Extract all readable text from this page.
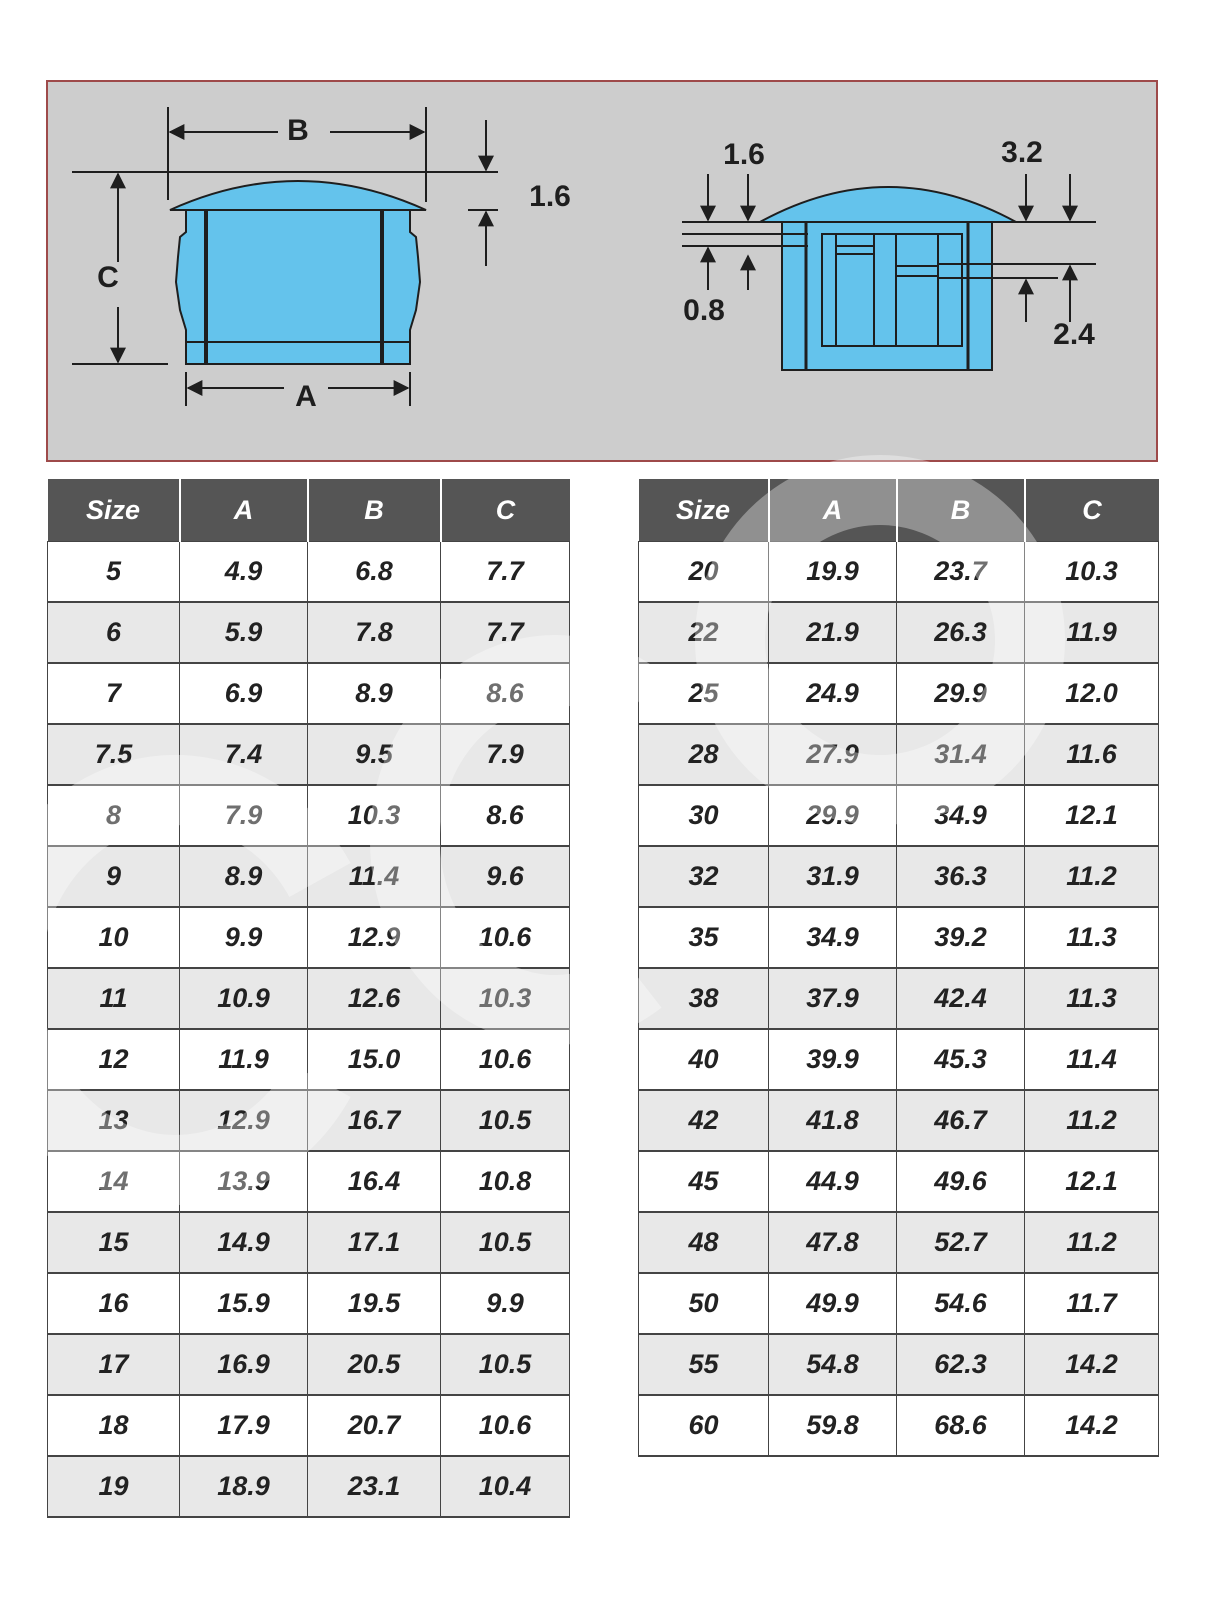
B
C
A
1.6
1.6	3.2
0.8
2.4
Size	A	B	C
5	4.9	6.8	7.7
6	5.9	7.8	7.7
7	6.9	8.9	8.6
7.5	7.4	9.5	7.9
8	7.9	10.3	8.6
9	8.9	11.4	9.6
10	9.9	12.9	10.6
11	10.9	12.6	10.3
12	11.9	15.0	10.6
13	12.9	16.7	10.5
14	13.9	16.4	10.8
15	14.9	17.1	10.5
16	15.9	19.5	9.9
17	16.9	20.5	10.5
18	17.9	20.7	10.6
19	18.9	23.1	10.4
Size	A	B	C
20	19.9	23.7	10.3
22	21.9	26.3	11.9
25	24.9	29.9	12.0
28	27.9	31.4	11.6
30	29.9	34.9	12.1
32	31.9	36.3	11.2
35	34.9	39.2	11.3
38	37.9	42.4	11.3
40	39.9	45.3	11.4
42	41.8	46.7	11.2
45	44.9	49.6	12.1
48	47.8	52.7	11.2
50	49.9	54.6	11.7
55	54.8	62.3	14.2
60	59.8	68.6	14.2
